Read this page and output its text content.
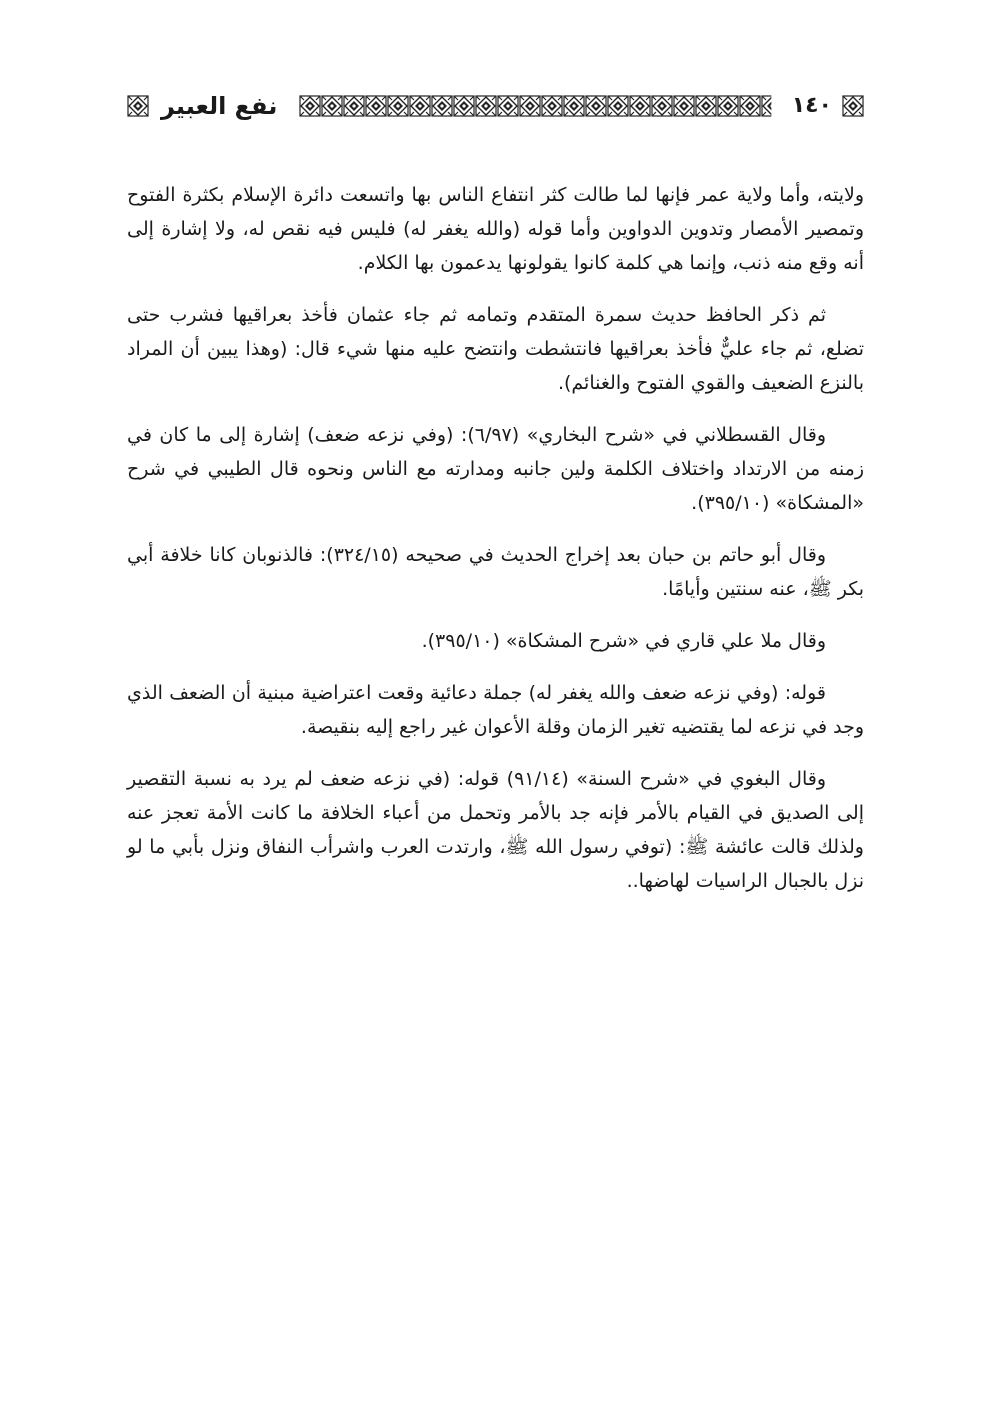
نفع العبير	١٤٠

ولايته، وأما ولاية عمر فإنها لما طالت كثر انتفاع الناس بها واتسعت دائرة الإسلام بكثرة الفتوح وتمصير الأمصار وتدوين الدواوين وأما قوله (والله يغفر له) فليس فيه نقص له، ولا إشارة إلى أنه وقع منه ذنب، وإنما هي كلمة كانوا يقولونها يدعمون بها الكلام.

ثم ذكر الحافظ حديث سمرة المتقدم وتمامه ثم جاء عثمان فأخذ بعراقيها فشرب حتى تضلع، ثم جاء عليٌّ فأخذ بعراقيها فانتشطت وانتضح عليه منها شيء قال: (وهذا يبين أن المراد بالنزع الضعيف والقوي الفتوح والغنائم).

وقال القسطلاني في «شرح البخاري» (٦/٩٧): (وفي نزعه ضعف) إشارة إلى ما كان في زمنه من الارتداد واختلاف الكلمة ولين جانبه ومدارته مع الناس ونحوه قال الطيبي في شرح «المشكاة» (٣٩٥/١٠).

وقال أبو حاتم بن حبان بعد إخراج الحديث في صحيحه (٣٢٤/١٥): فالذنوبان كانا خلافة أبي بكر ﷺ، عنه سنتين وأيامًا.

وقال ملا علي قاري في «شرح المشكاة» (٣٩٥/١٠).

قوله: (وفي نزعه ضعف والله يغفر له) جملة دعائية وقعت اعتراضية مبنية أن الضعف الذي وجد في نزعه لما يقتضيه تغير الزمان وقلة الأعوان غير راجع إليه بنقيصة.

وقال البغوي في «شرح السنة» (٩١/١٤) قوله: (في نزعه ضعف لم يرد به نسبة التقصير إلى الصديق في القيام بالأمر فإنه جد بالأمر وتحمل من أعباء الخلافة ما كانت الأمة تعجز عنه ولذلك قالت عائشة ﷺ: (توفي رسول الله ﷺ، وارتدت العرب واشرأب النفاق ونزل بأبي ما لو نزل بالجبال الراسيات لهاضها..
